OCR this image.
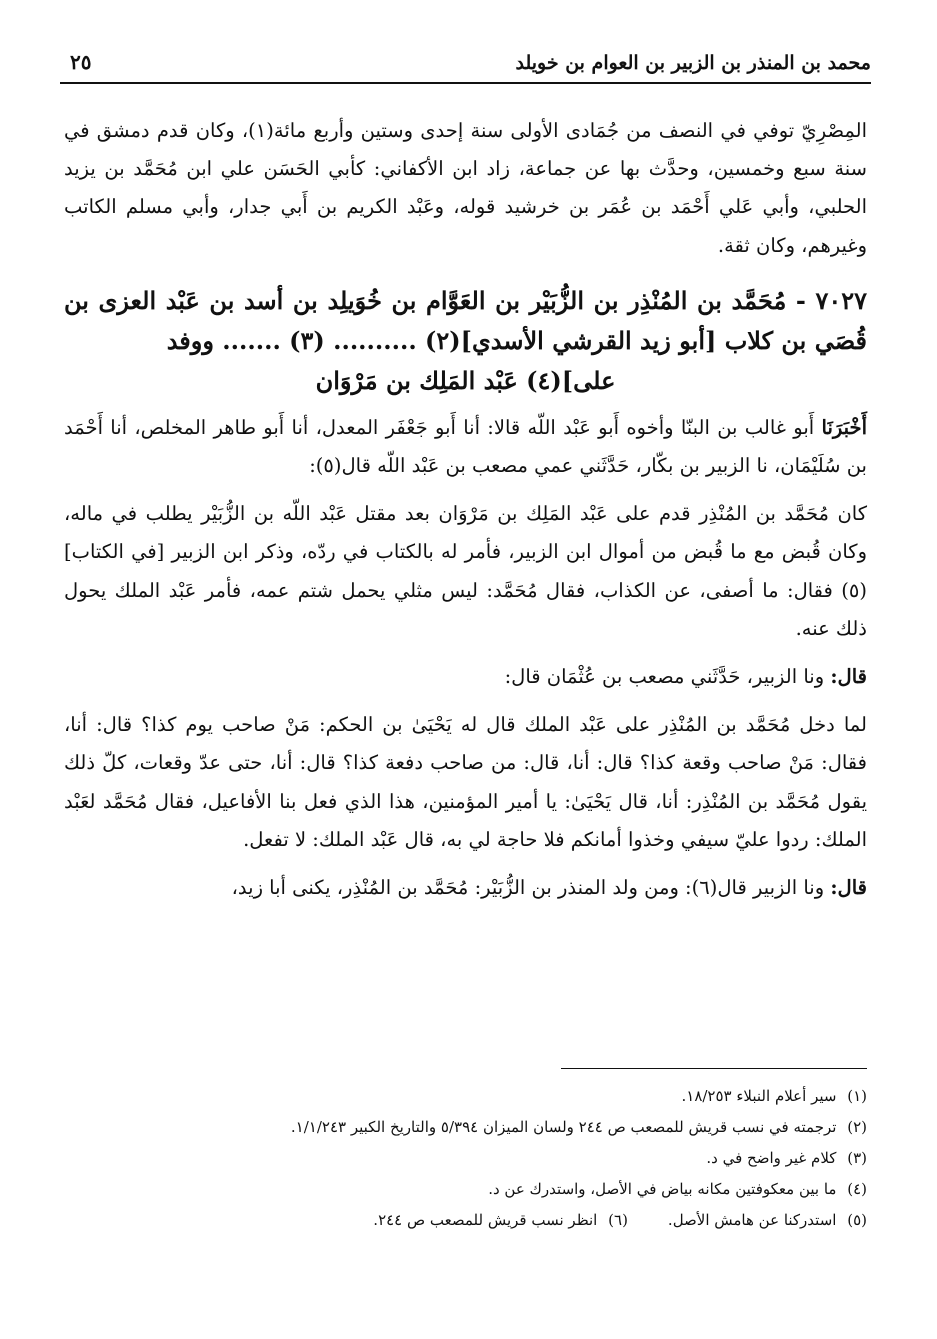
محمد بن المنذر بن الزبير بن العوام بن خويلد
٢٥

المِصْرِيّ توفي في النصف من جُمَادى الأولى سنة إحدى وستين وأربع مائة(١)، وكان قدم دمشق في سنة سبع وخمسين، وحدَّث بها عن جماعة، زاد ابن الأكفاني: كأبي الحَسَن علي ابن مُحَمَّد بن يزيد الحلبي، وأبي عَلي أَحْمَد بن عُمَر بن خرشيد قوله، وعَبْد الكريم بن أَبي جدار، وأبي مسلم الكاتب وغيرهم، وكان ثقة.

٧٠٢٧ - مُحَمَّد بن المُنْذِر بن الزُّبَيْر بن العَوَّام بن خُوَيلِد بن أسد بن عَبْد العزى بن قُصَي بن كلاب [أبو زيد القرشي الأسدي](٢) .......... (٣) ....... ووفد
على](٤) عَبْد المَلِك بن مَرْوَان

أَخْبَرَنَا أَبو غالب بن البنّا وأخوه أَبو عَبْد اللّه قالا: أنا أَبو جَعْفَر المعدل، أنا أَبو طاهر المخلص، أنا أَحْمَد بن سُلَيْمَان، نا الزبير بن بكّار، حَدَّثَني عمي مصعب بن عَبْد اللّه قال(٥):

كان مُحَمَّد بن المُنْذِر قدم على عَبْد المَلِك بن مَرْوَان بعد مقتل عَبْد اللّه بن الزُّبَيْر يطلب في ماله، وكان قُبض مع ما قُبض من أموال ابن الزبير، فأمر له بالكتاب في ردّه، وذكر ابن الزبير [في الكتاب](٥) فقال: ما أصفى، عن الكذاب، فقال مُحَمَّد: ليس مثلي يحمل شتم عمه، فأمر عَبْد الملك يحول ذلك عنه.

قال: ونا الزبير، حَدَّثَني مصعب بن عُثْمَان قال:

لما دخل مُحَمَّد بن المُنْذِر على عَبْد الملك قال له يَحْيَىٰ بن الحكم: مَنْ صاحب يوم كذا؟ قال: أنا، فقال: مَنْ صاحب وقعة كذا؟ قال: أنا، قال: من صاحب دفعة كذا؟ قال: أنا، حتى عدّ وقعات، كلّ ذلك يقول مُحَمَّد بن المُنْذِر: أنا، قال يَحْيَىٰ: يا أمير المؤمنين، هذا الذي فعل بنا الأفاعيل، فقال مُحَمَّد لعَبْد الملك: ردوا عليّ سيفي وخذوا أمانكم فلا حاجة لي به، قال عَبْد الملك: لا تفعل.

قال: ونا الزبير قال(٦): ومن ولد المنذر بن الزُّبَيْر: مُحَمَّد بن المُنْذِر، يكنى أبا زيد،

(١) سير أعلام النبلاء ١٨/٢٥٣.
(٢) ترجمته في نسب قريش للمصعب ص ٢٤٤ ولسان الميزان ٥/٣٩٤ والتاريخ الكبير ١/١/٢٤٣.
(٣) كلام غير واضح في د.
(٤) ما بين معكوفتين مكانه بياض في الأصل، واستدرك عن د.
(٥) استدركنا عن هامش الأصل.
(٦) انظر نسب قريش للمصعب ص ٢٤٤.
